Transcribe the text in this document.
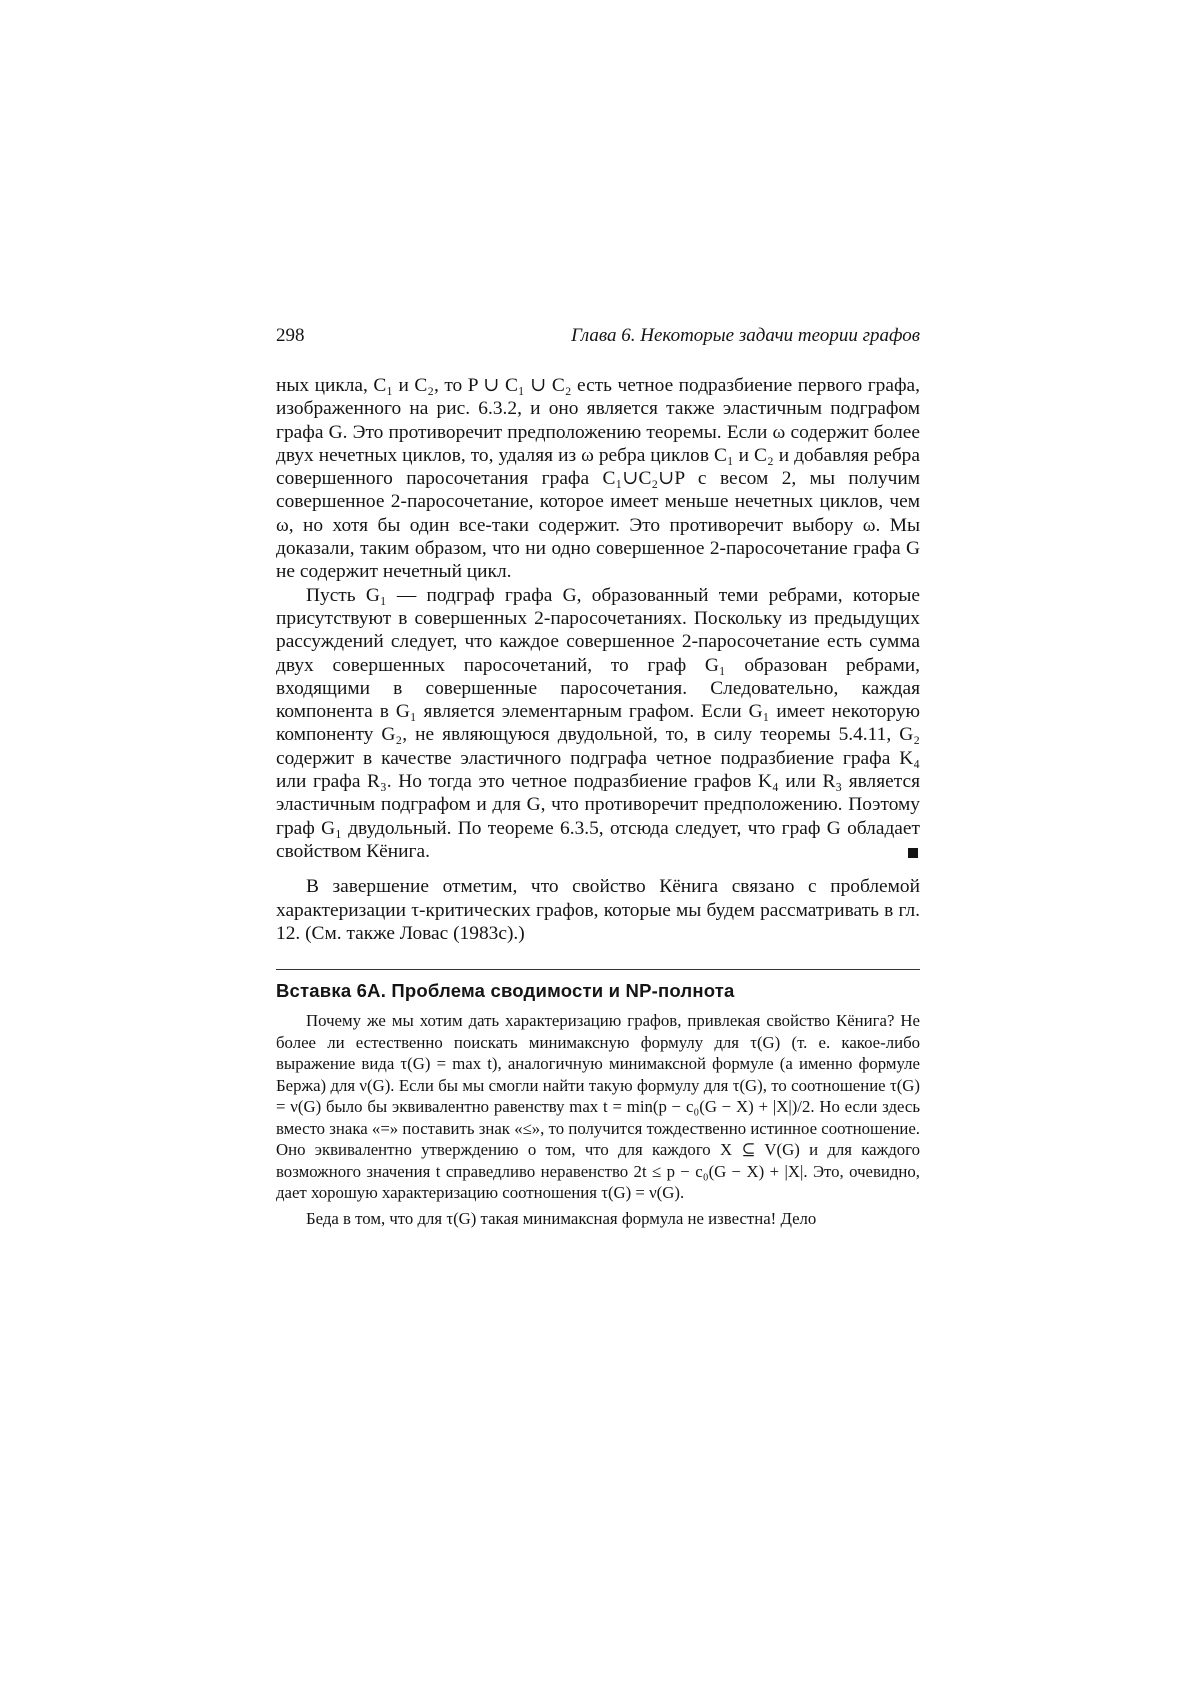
298	Глава 6. Некоторые задачи теории графов

ных цикла, C₁ и C₂, то P ∪ C₁ ∪ C₂ есть четное подразбиение первого графа, изображенного на рис. 6.3.2, и оно является также эластичным подграфом графа G. Это противоречит предположению теоремы. Если ω содержит более двух нечетных циклов, то, удаляя из ω ребра циклов C₁ и C₂ и добавляя ребра совершенного паросочетания графа C₁∪C₂∪P с весом 2, мы получим совершенное 2-паросочетание, которое имеет меньше нечетных циклов, чем ω, но хотя бы один все-таки содержит. Это противоречит выбору ω. Мы доказали, таким образом, что ни одно совершенное 2-паросочетание графа G не содержит нечетный цикл.

Пусть G₁ — подграф графа G, образованный теми ребрами, которые присутствуют в совершенных 2-паросочетаниях. Поскольку из предыдущих рассуждений следует, что каждое совершенное 2-паросочетание есть сумма двух совершенных паросочетаний, то граф G₁ образован ребрами, входящими в совершенные паросочетания. Следовательно, каждая компонента в G₁ является элементарным графом. Если G₁ имеет некоторую компоненту G₂, не являющуюся двудольной, то, в силу теоремы 5.4.11, G₂ содержит в качестве эластичного подграфа четное подразбиение графа K₄ или графа R₃. Но тогда это четное подразбиение графов K₄ или R₃ является эластичным подграфом и для G, что противоречит предположению. Поэтому граф G₁ двудольный. По теореме 6.3.5, отсюда следует, что граф G обладает свойством Кёнига.

В завершение отметим, что свойство Кёнига связано с проблемой характеризации τ-критических графов, которые мы будем рассматривать в гл. 12. (См. также Ловас (1983c).)

Вставка 6A. Проблема сводимости и NP-полнота

Почему же мы хотим дать характеризацию графов, привлекая свойство Кёнига? Не более ли естественно поискать минимаксную формулу для τ(G) (т. е. какое-либо выражение вида τ(G) = max t), аналогичную минимаксной формуле (а именно формуле Бержа) для ν(G). Если бы мы смогли найти такую формулу для τ(G), то соотношение τ(G) = ν(G) было бы эквивалентно равенству max t = min(p − c₀(G − X) + |X|)/2. Но если здесь вместо знака «=» поставить знак «≤», то получится тождественно истинное соотношение. Оно эквивалентно утверждению о том, что для каждого X ⊆ V(G) и для каждого возможного значения t справедливо неравенство 2t ≤ p − c₀(G − X) + |X|. Это, очевидно, дает хорошую характеризацию соотношения τ(G) = ν(G).

Беда в том, что для τ(G) такая минимаксная формула не известна! Дело
